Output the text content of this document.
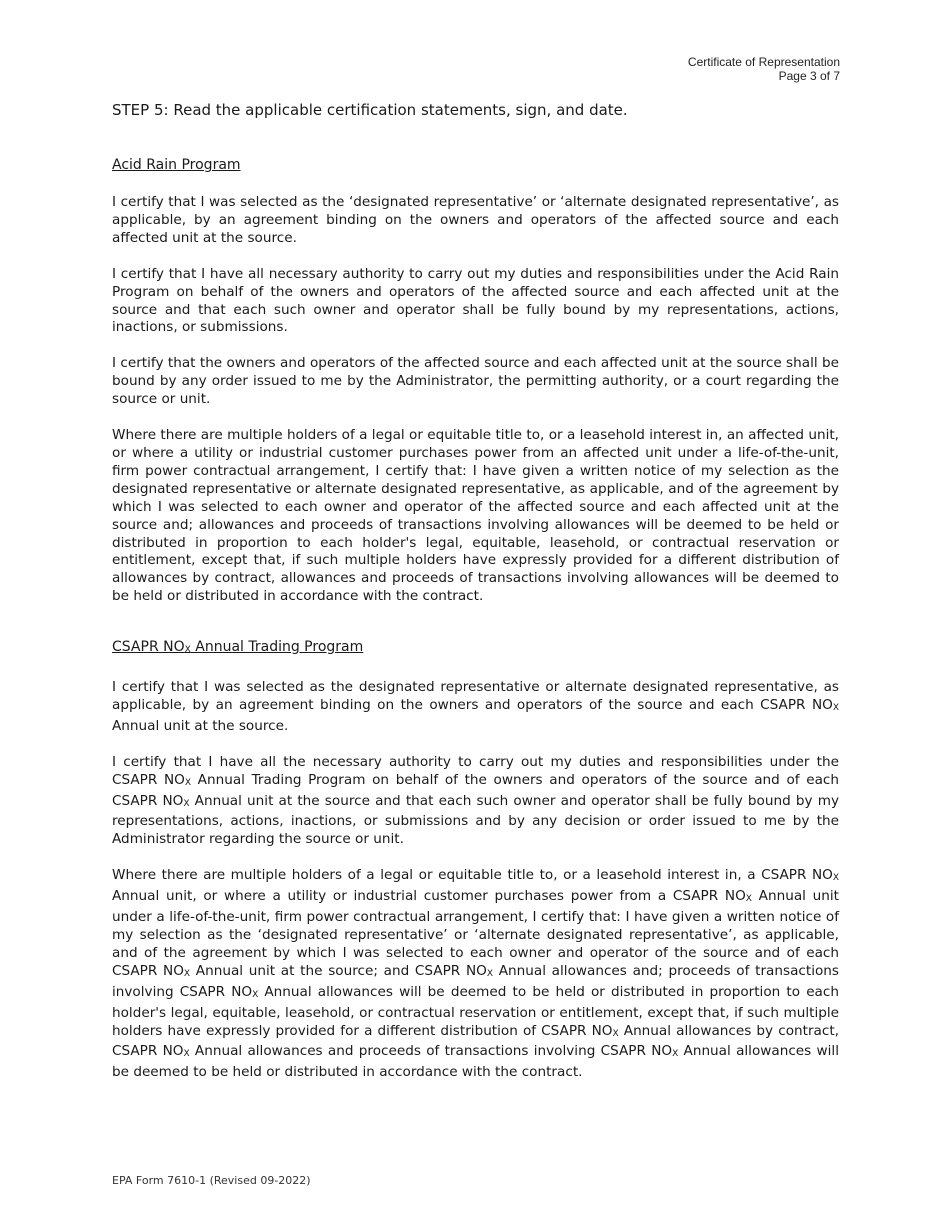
Certificate of Representation
Page 3 of 7
STEP 5: Read the applicable certification statements, sign, and date.
Acid Rain Program

I certify that I was selected as the ‘designated representative’ or ‘alternate designated representative’, as applicable, by an agreement binding on the owners and operators of the affected source and each affected unit at the source.

I certify that I have all necessary authority to carry out my duties and responsibilities under the Acid Rain Program on behalf of the owners and operators of the affected source and each affected unit at the source and that each such owner and operator shall be fully bound by my representations, actions, inactions, or submissions.

I certify that the owners and operators of the affected source and each affected unit at the source shall be bound by any order issued to me by the Administrator, the permitting authority, or a court regarding the source or unit.

Where there are multiple holders of a legal or equitable title to, or a leasehold interest in, an affected unit, or where a utility or industrial customer purchases power from an affected unit under a life-of-the-unit, firm power contractual arrangement, I certify that: I have given a written notice of my selection as the designated representative or alternate designated representative, as applicable, and of the agreement by which I was selected to each owner and operator of the affected source and each affected unit at the source and; allowances and proceeds of transactions involving allowances will be deemed to be held or distributed in proportion to each holder's legal, equitable, leasehold, or contractual reservation or entitlement, except that, if such multiple holders have expressly provided for a different distribution of allowances by contract, allowances and proceeds of transactions involving allowances will be deemed to be held or distributed in accordance with the contract.

CSAPR NOX Annual Trading Program

I certify that I was selected as the designated representative or alternate designated representative, as applicable, by an agreement binding on the owners and operators of the source and each CSAPR NOX Annual unit at the source.

I certify that I have all the necessary authority to carry out my duties and responsibilities under the CSAPR NOX Annual Trading Program on behalf of the owners and operators of the source and of each CSAPR NOX Annual unit at the source and that each such owner and operator shall be fully bound by my representations, actions, inactions, or submissions and by any decision or order issued to me by the Administrator regarding the source or unit.

Where there are multiple holders of a legal or equitable title to, or a leasehold interest in, a CSAPR NOX Annual unit, or where a utility or industrial customer purchases power from a CSAPR NOX Annual unit under a life-of-the-unit, firm power contractual arrangement, I certify that: I have given a written notice of my selection as the ‘designated representative’ or ‘alternate designated representative’, as applicable, and of the agreement by which I was selected to each owner and operator of the source and of each CSAPR NOX Annual unit at the source; and CSAPR NOX Annual allowances and; proceeds of transactions involving CSAPR NOX Annual allowances will be deemed to be held or distributed in proportion to each holder's legal, equitable, leasehold, or contractual reservation or entitlement, except that, if such multiple holders have expressly provided for a different distribution of CSAPR NOX Annual allowances by contract, CSAPR NOX Annual allowances and proceeds of transactions involving CSAPR NOX Annual allowances will be deemed to be held or distributed in accordance with the contract.

EPA Form 7610-1 (Revised 09-2022)
